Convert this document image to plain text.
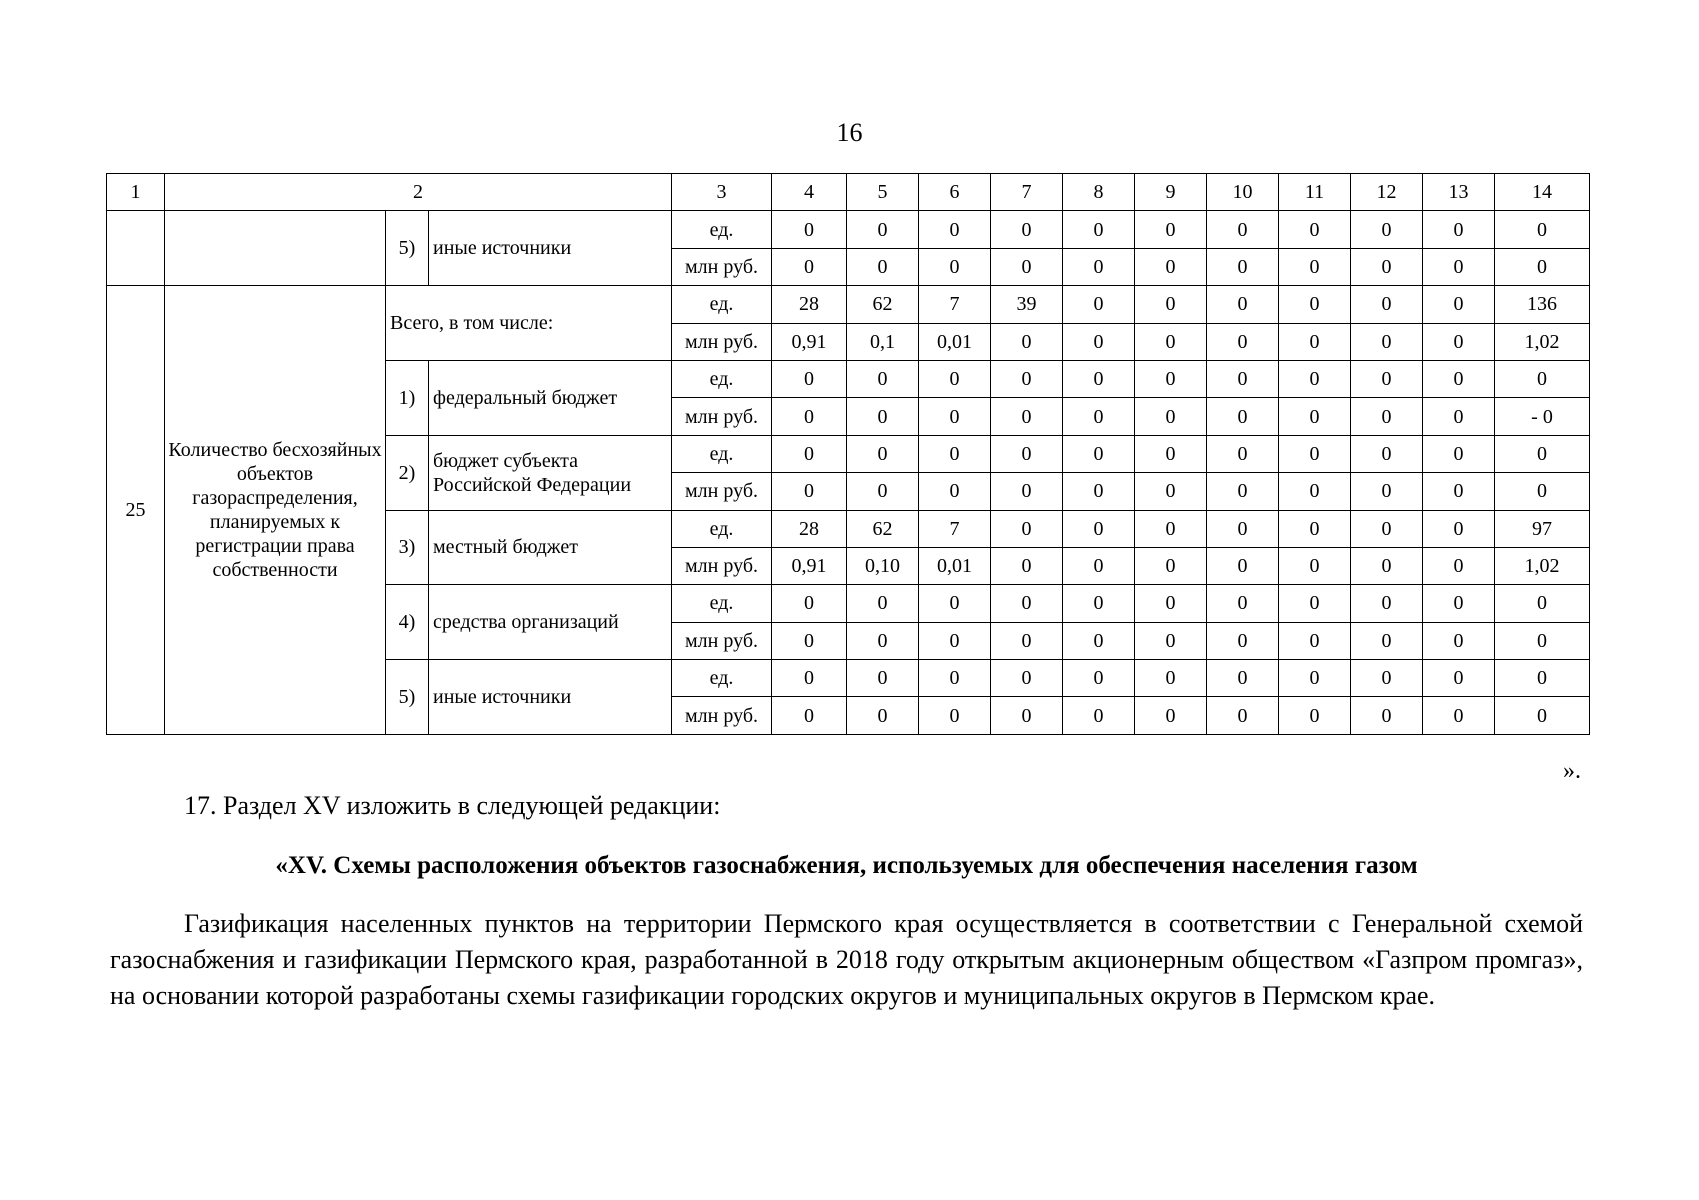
16
1	2			3	4	5	6	7	8	9	10	11	12	13	14
		5)	иные источники	ед.	0	0	0	0	0	0	0	0	0	0	0
				млн руб.	0	0	0	0	0	0	0	0	0	0	0
25	Количество бесхозяйных объектов газораспределения, планируемых к регистрации права собственности	Всего, в том числе:		ед.	28	62	7	39	0	0	0	0	0	0	136
				млн руб.	0,91	0,1	0,01	0	0	0	0	0	0	0	1,02
		1)	федеральный бюджет	ед.	0	0	0	0	0	0	0	0	0	0	0
				млн руб.	0	0	0	0	0	0	0	0	0	0	- 0
		2)	бюджет субъекта Российской Федерации	ед.	0	0	0	0	0	0	0	0	0	0	0
				млн руб.	0	0	0	0	0	0	0	0	0	0	0
		3)	местный бюджет	ед.	28	62	7	0	0	0	0	0	0	0	97
				млн руб.	0,91	0,10	0,01	0	0	0	0	0	0	0	1,02
		4)	средства организаций	ед.	0	0	0	0	0	0	0	0	0	0	0
				млн руб.	0	0	0	0	0	0	0	0	0	0	0
		5)	иные источники	ед.	0	0	0	0	0	0	0	0	0	0	0
				млн руб.	0	0	0	0	0	0	0	0	0	0	0
».
17. Раздел XV изложить в следующей редакции:
«XV. Схемы расположения объектов газоснабжения, используемых для обеспечения населения газом
Газификация населенных пунктов на территории Пермского края осуществляется в соответствии с Генеральной схемой газоснабжения и газификации Пермского края, разработанной в 2018 году открытым акционерным обществом «Газпром промгаз», на основании которой разработаны схемы газификации городских округов и муниципальных округов в Пермском крае.
